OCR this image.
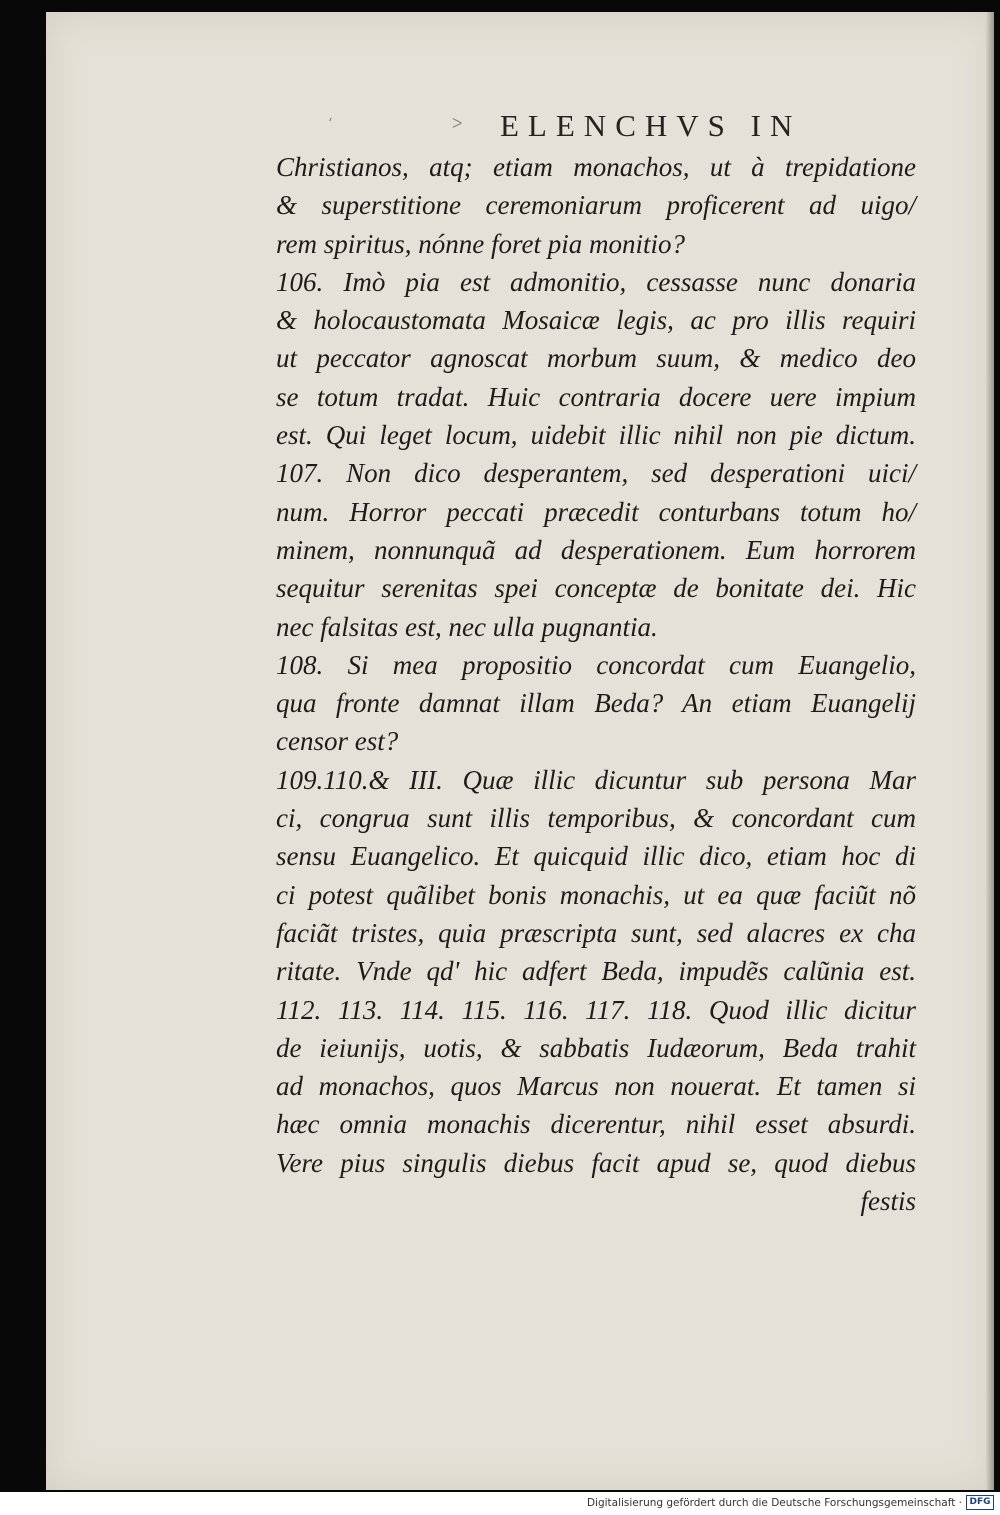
ʻ	ᐳ ELENCHVS IN
Christianos, atq; etiam monachos, ut à trepidatione
& superstitione ceremoniarum proficerent ad uigo/
rem spiritus, nónne foret pia monitio?
106. Imò pia est admonitio, cessasse nunc donaria
& holocaustomata Mosaicæ legis, ac pro illis requiri
ut peccator agnoscat morbum suum, & medico deo
se totum tradat. Huic contraria docere uere impium
est. Qui leget locum, uidebit illic nihil non pie dictum.
107. Non dico desperantem, sed desperationi uici/
num. Horror peccati præcedit conturbans totum ho/
minem, nonnunquã ad desperationem. Eum horrorem
sequitur serenitas spei conceptæ de bonitate dei. Hic
nec falsitas est, nec ulla pugnantia.
108. Si mea propositio concordat cum Euangelio,
qua fronte damnat illam Beda? An etiam Euangelij
censor est?
109.110.& III. Quæ illic dicuntur sub persona Mar
ci, congrua sunt illis temporibus, & concordant cum
sensu Euangelico. Et quicquid illic dico, etiam hoc di
ci potest quãlibet bonis monachis, ut ea quæ faciũt nõ
faciãt tristes, quia præscripta sunt, sed alacres ex cha
ritate. Vnde qd' hic adfert Beda, impudẽs calũnia est.
112. 113. 114. 115. 116. 117. 118. Quod illic dicitur
de ieiunijs, uotis, & sabbatis Iudæorum, Beda trahit
ad monachos, quos Marcus non nouerat. Et tamen si
hæc omnia monachis dicerentur, nihil esset absurdi.
Vere pius singulis diebus facit apud se, quod diebus
festis
Digitalisierung gefördert durch die Deutsche Forschungsgemeinschaft · DFG
